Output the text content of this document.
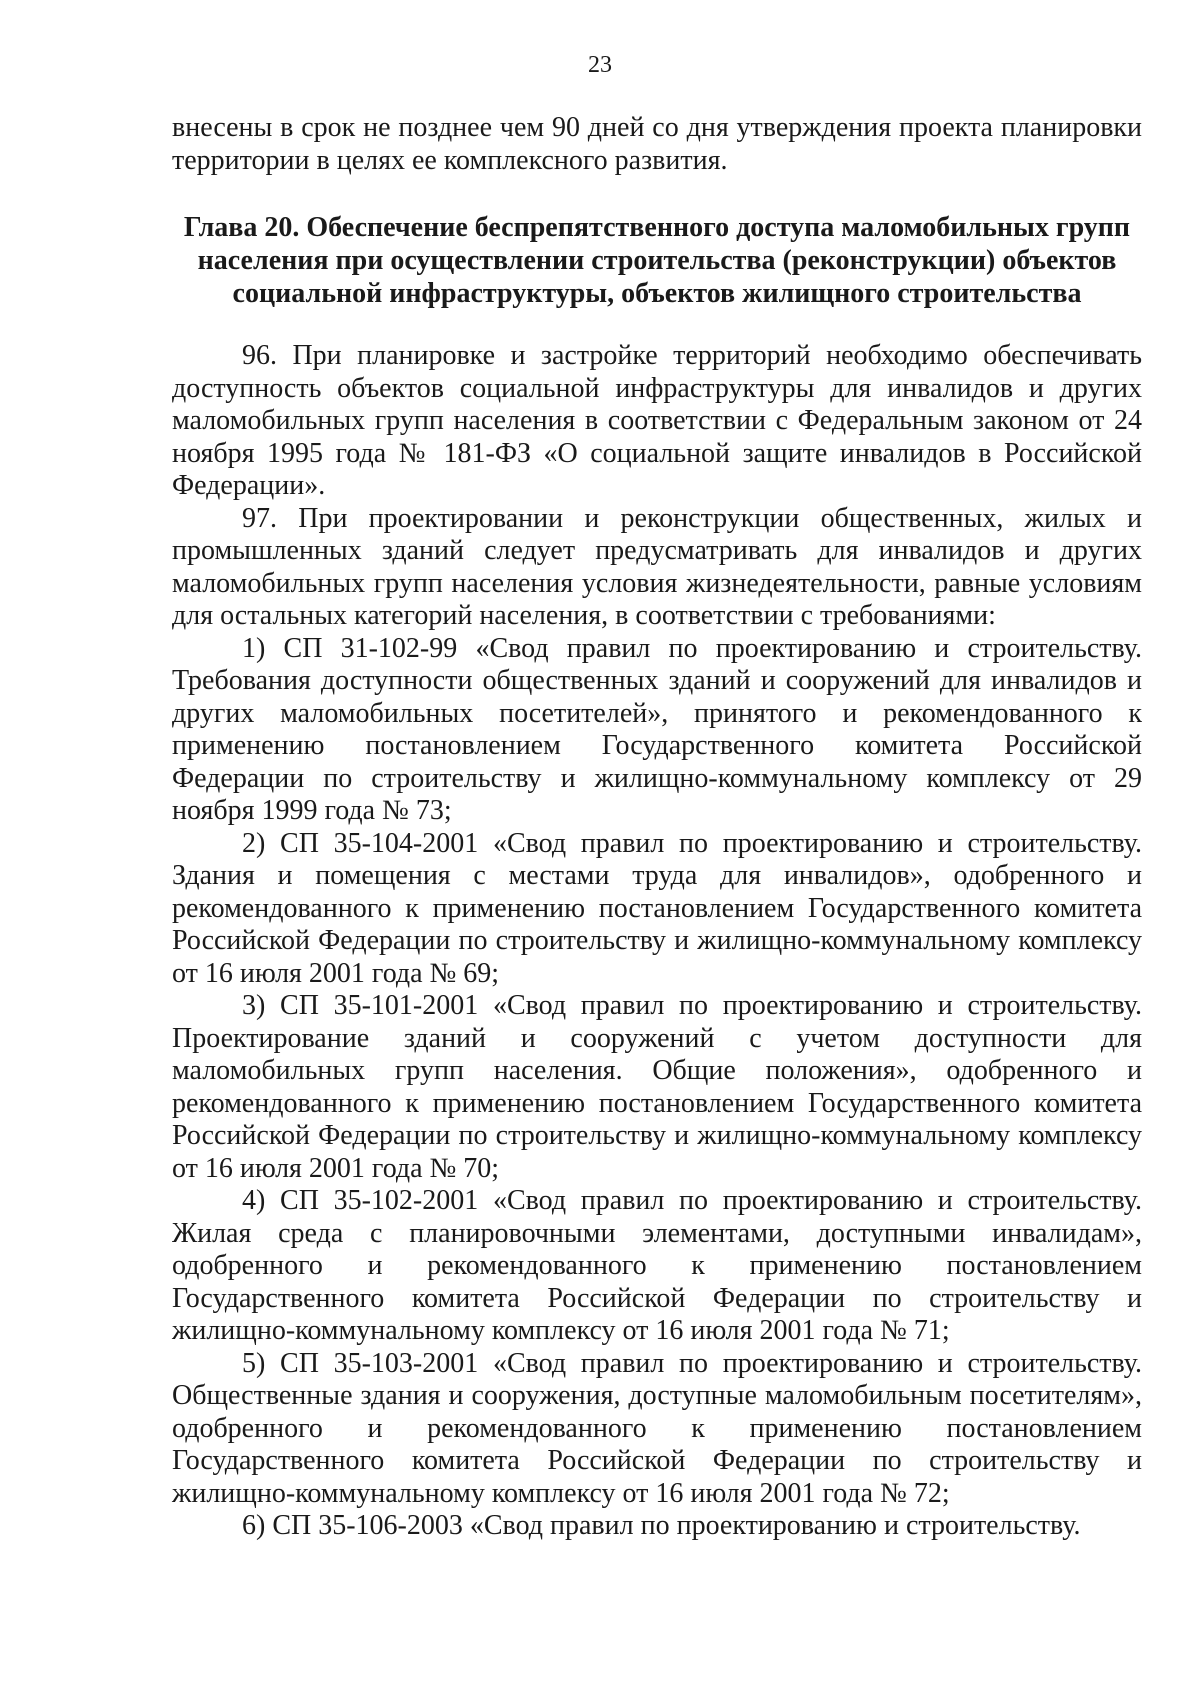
23

внесены в срок не позднее чем 90 дней со дня утверждения проекта планировки территории в целях ее комплексного развития.

Глава 20. Обеспечение беспрепятственного доступа маломобильных групп
населения при осуществлении строительства (реконструкции) объектов
социальной инфраструктуры, объектов жилищного строительства

96. При планировке и застройке территорий необходимо обеспечивать доступность объектов социальной инфраструктуры для инвалидов и других маломобильных групп населения в соответствии с Федеральным законом от 24 ноября 1995 года № 181-ФЗ «О социальной защите инвалидов в Российской Федерации».

97. При проектировании и реконструкции общественных, жилых и промышленных зданий следует предусматривать для инвалидов и других маломобильных групп населения условия жизнедеятельности, равные условиям для остальных категорий населения, в соответствии с требованиями:

1) СП 31-102-99 «Свод правил по проектированию и строительству. Требования доступности общественных зданий и сооружений для инвалидов и других маломобильных посетителей», принятого и рекомендованного к применению постановлением Государственного комитета Российской Федерации по строительству и жилищно-коммунальному комплексу от 29 ноября 1999 года № 73;

2) СП 35-104-2001 «Свод правил по проектированию и строительству. Здания и помещения с местами труда для инвалидов», одобренного и рекомендованного к применению постановлением Государственного комитета Российской Федерации по строительству и жилищно-коммунальному комплексу от 16 июля 2001 года № 69;

3) СП 35-101-2001 «Свод правил по проектированию и строительству. Проектирование зданий и сооружений с учетом доступности для маломобильных групп населения. Общие положения», одобренного и рекомендованного к применению постановлением Государственного комитета Российской Федерации по строительству и жилищно-коммунальному комплексу от 16 июля 2001 года № 70;

4) СП 35-102-2001 «Свод правил по проектированию и строительству. Жилая среда с планировочными элементами, доступными инвалидам», одобренного и рекомендованного к применению постановлением Государственного комитета Российской Федерации по строительству и жилищно-коммунальному комплексу от 16 июля 2001 года № 71;

5) СП 35-103-2001 «Свод правил по проектированию и строительству. Общественные здания и сооружения, доступные маломобильным посетителям», одобренного и рекомендованного к применению постановлением Государственного комитета Российской Федерации по строительству и жилищно-коммунальному комплексу от 16 июля 2001 года № 72;

6) СП 35-106-2003 «Свод правил по проектированию и строительству.
